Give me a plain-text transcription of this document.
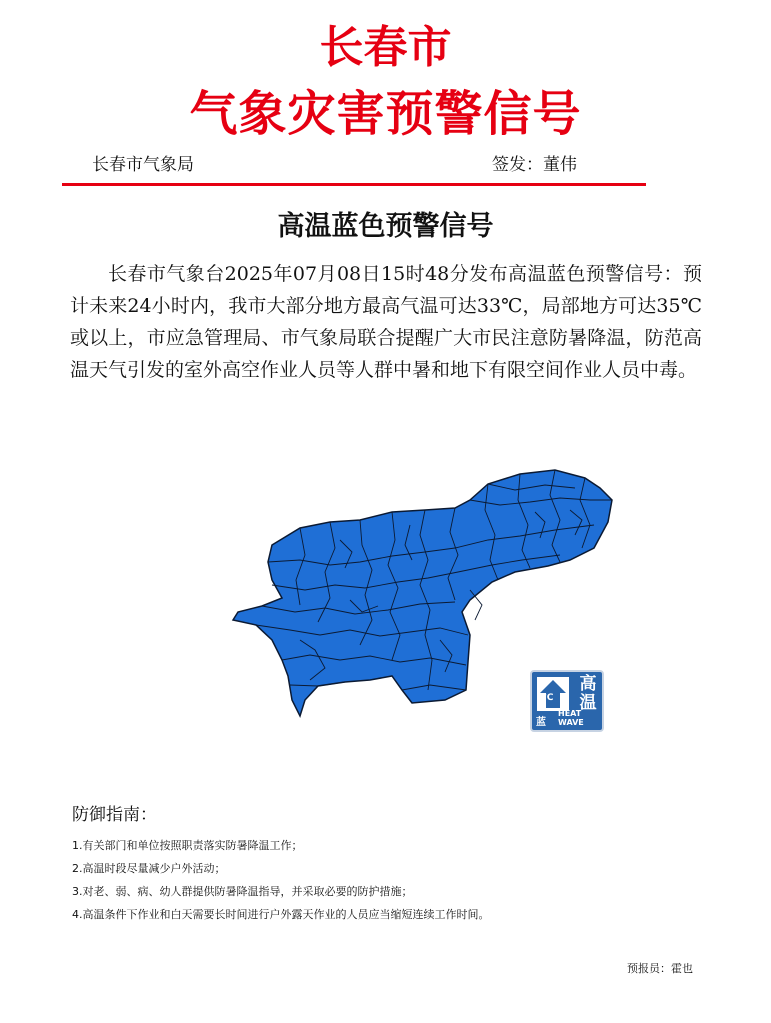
长春市
气象灾害预警信号
长春市气象局	签发：董伟
高温蓝色预警信号

长春市气象台2025年07月08日15时48分发布高温蓝色预警信号：预计未来24小时内，我市大部分地方最高气温可达33℃，局部地方可达35℃或以上，市应急管理局、市气象局联合提醒广大市民注意防暑降温，防范高温天气引发的室外高空作业人员等人群中暑和地下有限空间作业人员中毒。

℃
高
温
蓝
HEAT WAVE
防御指南：
1.有关部门和单位按照职责落实防暑降温工作；
2.高温时段尽量减少户外活动；
3.对老、弱、病、幼人群提供防暑降温指导，并采取必要的防护措施；
4.高温条件下作业和白天需要长时间进行户外露天作业的人员应当缩短连续工作时间。
预报员：霍也
